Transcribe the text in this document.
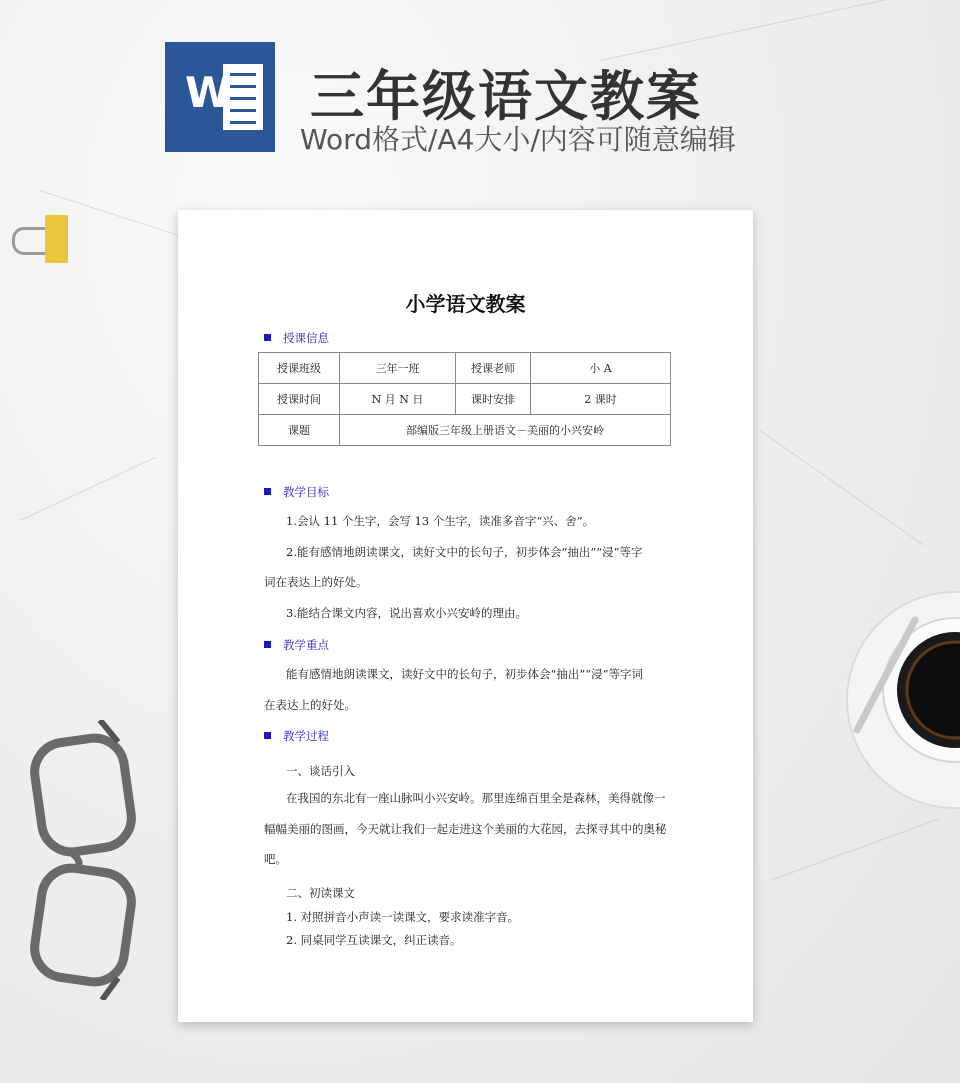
W 三年级语文教案
Word格式/A4大小/内容可随意编辑
小学语文教案
授课信息
授课班级	三年一班	授课老师	小 A
授课时间	N 月 N 日	课时安排	2 课时
课题	部编版三年级上册语文－美丽的小兴安岭		
教学目标
1.会认 11 个生字，会写 13 个生字，读准多音字“兴、舍”。
2.能有感情地朗读课文，读好文中的长句子，初步体会“抽出”“浸”等字
词在表达上的好处。
3.能结合课文内容，说出喜欢小兴安岭的理由。
教学重点
能有感情地朗读课文，读好文中的长句子，初步体会“抽出”“浸”等字词
在表达上的好处。
教学过程
一、谈话引入
在我国的东北有一座山脉叫小兴安岭。那里连绵百里全是森林，美得就像一
幅幅美丽的图画，今天就让我们一起走进这个美丽的大花园，去探寻其中的奥秘
吧。
二、初读课文
1. 对照拼音小声读一读课文，要求读准字音。
2. 同桌同学互读课文，纠正读音。
